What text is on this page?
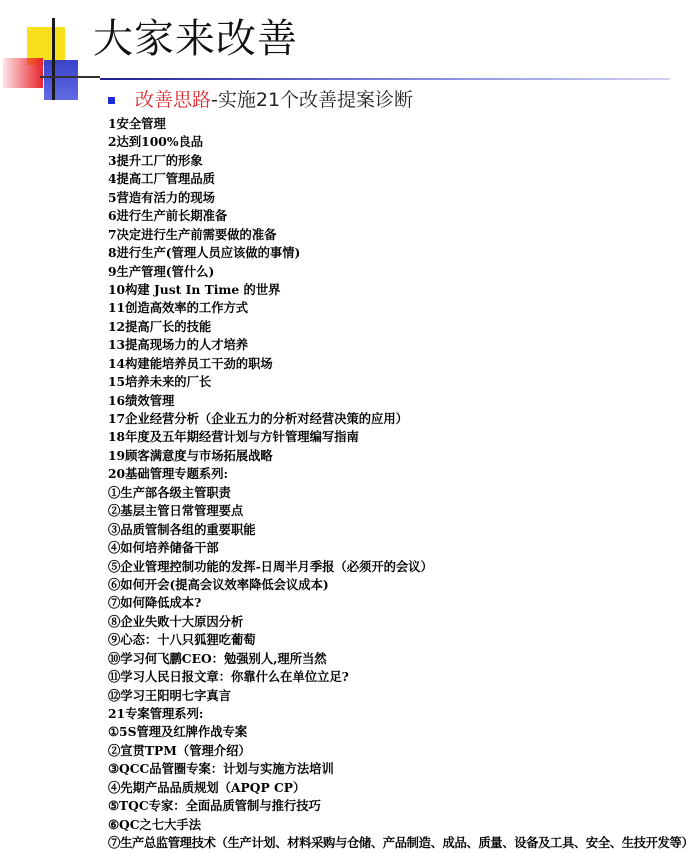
大家来改善
改善思路-实施21个改善提案诊断
1安全管理
2达到100%良品
3提升工厂的形象
4提高工厂管理品质
5营造有活力的现场
6进行生产前长期准备
7决定进行生产前需要做的准备
8进行生产(管理人员应该做的事情)
9生产管理(管什么)
10构建 Just In Time 的世界
11创造高效率的工作方式
12提高厂长的技能
13提高现场力的人才培养
14构建能培养员工干劲的职场
15培养未来的厂长
16绩效管理
17企业经营分析（企业五力的分析对经营决策的应用）
18年度及五年期经营计划与方针管理编写指南
19顾客满意度与市场拓展战略
20基础管理专题系列:
①生产部各级主管职责
②基层主管日常管理要点
③品质管制各组的重要职能
④如何培养储备干部
⑤企业管理控制功能的发挥-日周半月季报（必须开的会议）
⑥如何开会(提高会议效率降低会议成本)
⑦如何降低成本?
⑧企业失败十大原因分析
⑨心态：十八只狐狸吃葡萄
⑩学习何飞鹏CEO：勉强别人,理所当然
⑪学习人民日报文章：你靠什么在单位立足?
⑫学习王阳明七字真言
21专案管理系列:
①5S管理及红牌作战专案
②宣贯TPM（管理介绍）
③QCC品管圈专案：计划与实施方法培训
④先期产品品质规划（APQP CP）
⑤TQC专家：全面品质管制与推行技巧
⑥QC之七大手法
⑦生产总监管理技术（生产计划、材料采购与仓储、产品制造、成品、质量、设备及工具、安全、生技开发等）
